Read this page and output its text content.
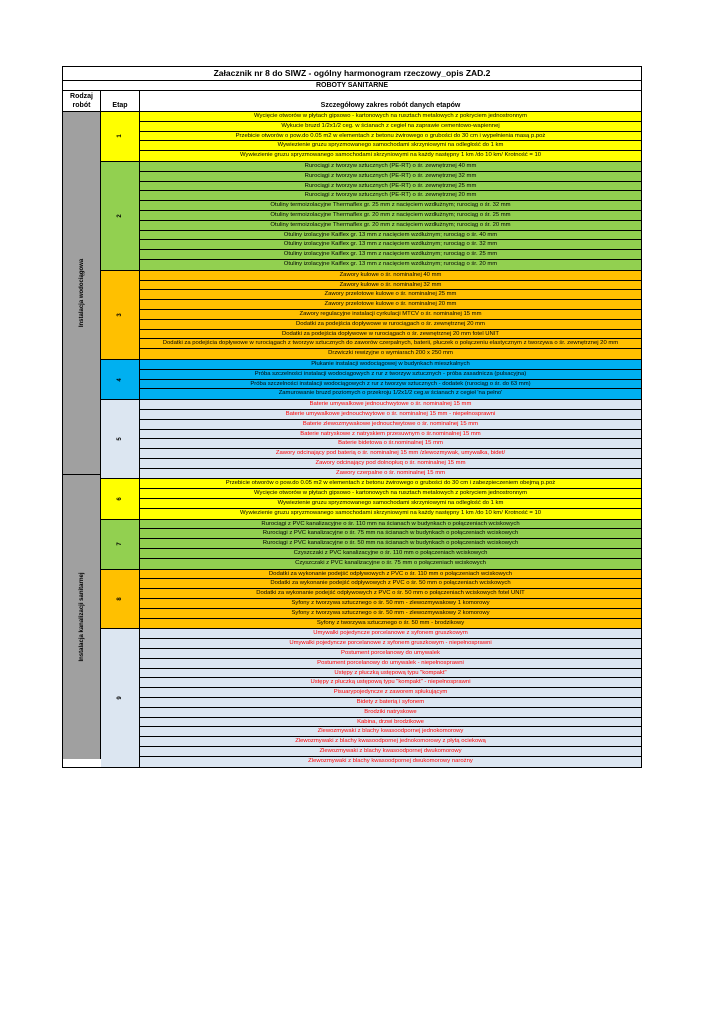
Załacznik nr 8 do SIWZ - ogólny harmonogram rzeczowy_opis ZAD.2
ROBOTY SANITARNE
Rodzaj robót	Etap	Szczegółowy zakres robót danych etapów
Instalacja wodociągowa
Instalacja kanalizacji sanitarnej
1
Wycięcie otworów w płytach gipsowo - kartonowych na rusztach metalowych z pokryciem jednostronnym
Wykucie bruzd 1/2x1/2 ceg. w ścianach z cegieł na zaprawie cementowo-wapiennej
Przebicie otworów o pow.do 0.05 m2 w elementach z betonu żwirowego o grubości do 30 cm i wypełnienia masą p.poż
Wywiezienie gruzu spryzmowanego samochodami skrzyniowymi na odległość do 1 km
Wywiezienie gruzu spryzmowanego samochodami skrzyniowymi na każdy następny 1 km /do 10 km/ Krotność = 10
2
Rurociągi z tworzyw sztucznych (PE-RT) o śr. zewnętrznej 40 mm
Rurociągi z tworzyw sztucznych (PE-RT) o śr. zewnętrznej 32 mm
Rurociągi z tworzyw sztucznych (PE-RT) o śr. zewnętrznej 25 mm
Rurociągi z tworzyw sztucznych (PE-RT) o śr. zewnętrznej 20 mm
Otuliny termoizolacyjne Thermaflex gr. 25 mm z nacięciem wzdłużnym; rurociąg o śr. 32 mm
Otuliny termoizolacyjne Thermaflex gr. 20 mm z nacięciem wzdłużnym; rurociąg o śr. 25 mm
Otuliny termoizolacyjne Thermaflex gr. 20 mm z nacięciem wzdłużnym; rurociąg o śr. 20 mm
Otuliny izolacyjne Kaiflex gr. 13 mm z nacięciem wzdłużnym; rurociąg o śr. 40 mm
Otuliny izolacyjne Kaiflex gr. 13 mm z nacięciem wzdłużnym; rurociąg o śr. 32 mm
Otuliny izolacyjne Kaiflex gr. 13 mm z nacięciem wzdłużnym; rurociąg o śr. 25 mm
Otuliny izolacyjne Kaiflex gr. 13 mm z nacięciem wzdłużnym; rurociąg o śr. 20 mm
3
Zawory kulowe o śr. nominalnej 40 mm
Zawory kulowe o śr. nominalnej 32 mm
Zawory przelotowe kulowe o śr. nominalnej 25 mm
Zawory przelotowe kulowe o śr. nominalnej 20 mm
Zawory regulacyjne instalacji cyrkulacji MTCV o śr. nominalnej 15 mm
Dodatki za podejścia dopływowe w rurociągach o śr. zewnętrznej 20 mm
Dodatki za podejścia dopływowe w rurociągach o śr. zewnętrznej 20 mm fotel UNIT
Dodatki za podejścia dopływowe w rurociągach z tworzyw sztucznych do zaworów czerpalnych, baterii, płuczek o połączeniu elastycznym z tworzywa o śr. zewnętrznej 20 mm
Drzwiczki rewizyjne o wymiarach 200 x 250 mm
4
Płukanie instalacji wodociągowej w budynkach mieszkalnych
Próba szczelności instalacji wodociągowych z rur z tworzyw sztucznych - próba zasadnicza (pulsacyjna)
Próba szczelności instalacji wodociągowych z rur z tworzyw sztucznych - dodatek (rurociąg o śr. do 63 mm)
Zamurowanie bruzd poziomych o przekroju 1/2x1/2 ceg.w ścianach z cegieł 'na pełno'
5
Baterie umywalkowe jednouchwytowe o śr. nominalnej 15 mm
Baterie umywalkowe jednouchwytowe o śr. nominalnej 15 mm - niepełnosprawni
Baterie zlewozmywakowe jednouchwytowe o śr. nominalnej 15 mm
Baterie natryskowe z natryskiem przesuwnym o śr.nominalnej 15 mm
Baterie bidetowa o śr.nominalnej 15 mm
Zawory odcinający pod baterią o śr. nominalnej 15 mm /zlewozmywak, umywalka, bidet/
Zawory odcinający pod dolnopłuq o śr. nominalnej 15 mm
Zawory czerpalne o śr. nominalnej 15 mm
6
Przebicie otworów o pow.do 0.05 m2 w elementach z betonu żwirowego o grubości do 30 cm i zabezpieczeniem obejmą p.poż
Wycięcie otworów w płytach gipsowo - kartonowych na rusztach metalowych z pokryciem jednostronnym
Wywiezienie gruzu spryzmowanego samochodami skrzyniowymi na odległość do 1 km
Wywiezienie gruzu spryzmowanego samochodami skrzyniowymi na każdy następny 1 km /do 10 km/ Krotność = 10
7
Rurociągi z PVC kanalizacyjne o śr. 110 mm na ścianach w budynkach o połączeniach wciskowych
Rurociągi z PVC kanalizacyjne o śr. 75 mm na ścianach w budynkach o połączeniach wciskowych
Rurociągi z PVC kanalizacyjne o śr. 50 mm na ścianach w budynkach o połączeniach wciskowych
Czyszczaki z PVC kanalizacyjne o śr. 110 mm o połączeniach wciskowych
Czyszczaki z PVC kanalizacyjne o śr. 75 mm o połączeniach wciskowych
8
Dodatki za wykonanie podejść odpływowych z PVC o śr. 110 mm o połączeniach wciskowych
Dodatki za wykonanie podejść odpływowych z PVC o śr. 50 mm o połączeniach wciskowych
Dodatki za wykonanie podejść odpływowych z PVC o śr. 50 mm o połączeniach wciskowych fotel UNIT
Syfony z tworzywa sztucznego o śr. 50 mm - zlewozmywakowy 1 komorowy
Syfony z tworzywa sztucznego o śr. 50 mm - zlewozmywakowy 2 komorowy
Syfony z tworzywa sztucznego o śr. 50 mm - brodzikowy
9
Umywalki pojedyncze porcelanowe z syfonem gruszkowym
Umywalki pojedyncze porcelanowe z syfonem gruszkowym - niepełnosprawni
Postument porcelanowy do umywalek
Postument porcelanowy do umywalek - niepełnosprawni
Ustępy z płuczką ustępową typu "kompakt"
Ustępy z płuczką ustępową typu "kompakt" - niepełnosprawni
Pisuarypojedyncze z zaworem spłukującym
Bidety z baterią i syfonem
Brodziki natryskowe
Kabina, drzwi brodzikowe
Zlewozmywaki z blachy kwasoodpornej jednokomorowy
Zlewozmywaki z blachy kwasoodpornej jednokomorowy z płytą ociekową
Zlewozmywaki z blachy kwasoodpornej dwukomorowy
Zlewozmywaki z blachy kwasoodpornej dwukomorowy narożny
